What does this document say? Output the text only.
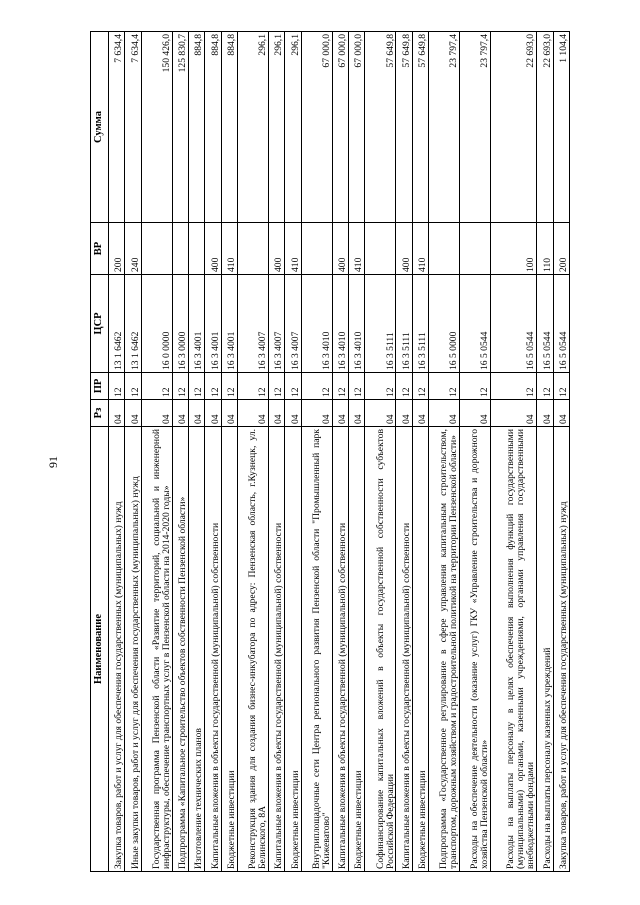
91
Наименование	Рз	ПР	ЦСР	ВР	Сумма
Закупка товаров, работ и услуг для обеспечения государственных (муниципальных) нужд	04	12	13 1 6462	200	7 634,4
Иные закупки товаров, работ и услуг для обеспечения государственных (муниципальных) нужд	04	12	13 1 6462	240	7 634,4
Государственная программа Пензенской области «Развитие территорий, социальной и инженерной инфраструктуры, обеспечение транспортных услуг в Пензенской области на 2014-2020 годы»	04	12	16 0 0000		150 426,0
Подпрограмма «Капитальное строительство объектов собственности Пензенской области»	04	12	16 3 0000		125 830,7
Изготовление технических планов	04	12	16 3 4001		884,8
Капитальные вложения в объекты государственной (муниципальной) собственности	04	12	16 3 4001	400	884,8
Бюджетные инвестиции	04	12	16 3 4001	410	884,8
Реконструкция здания для создания бизнес-инкубатора по адресу: Пензенская область, г.Кузнецк, ул. Белинского, 8А	04	12	16 3 4007		296,1
Капитальные вложения в объекты государственной (муниципальной) собственности	04	12	16 3 4007	400	296,1
Бюджетные инвестиции	04	12	16 3 4007	410	296,1
Внутриплощадочные сети Центра регионального развития Пензенской области "Промышленный парк "Кижеватово"	04	12	16 3 4010		67 000,0
Капитальные вложения в объекты государственной (муниципальной) собственности	04	12	16 3 4010	400	67 000,0
Бюджетные инвестиции	04	12	16 3 4010	410	67 000,0
Софинансирование капитальных вложений в объекты государственной собственности субъектов Российской Федерации	04	12	16 3 5111		57 649,8
Капитальные вложения в объекты государственной (муниципальной) собственности	04	12	16 3 5111	400	57 649,8
Бюджетные инвестиции	04	12	16 3 5111	410	57 649,8
Подпрограмма «Государственное регулирование в сфере управления капитальным строительством, транспортом, дорожным хозяйством и градостроительной политикой на территории Пензенской области»	04	12	16 5 0000		23 797,4
Расходы на обеспечение деятельности (оказание услуг) ГКУ «Управление строительства и дорожного хозяйства Пензенской области»	04	12	16 5 0544		23 797,4
Расходы на выплаты персоналу в целях обеспечения выполнения функций государственными (муниципальными) органами, казенными учреждениями, органами управления государственными внебюджетными фондами	04	12	16 5 0544	100	22 693,0
Расходы на выплаты персоналу казенных учреждений	04	12	16 5 0544	110	22 693,0
Закупка товаров, работ и услуг для обеспечения государственных (муниципальных) нужд	04	12	16 5 0544	200	1 104,4
